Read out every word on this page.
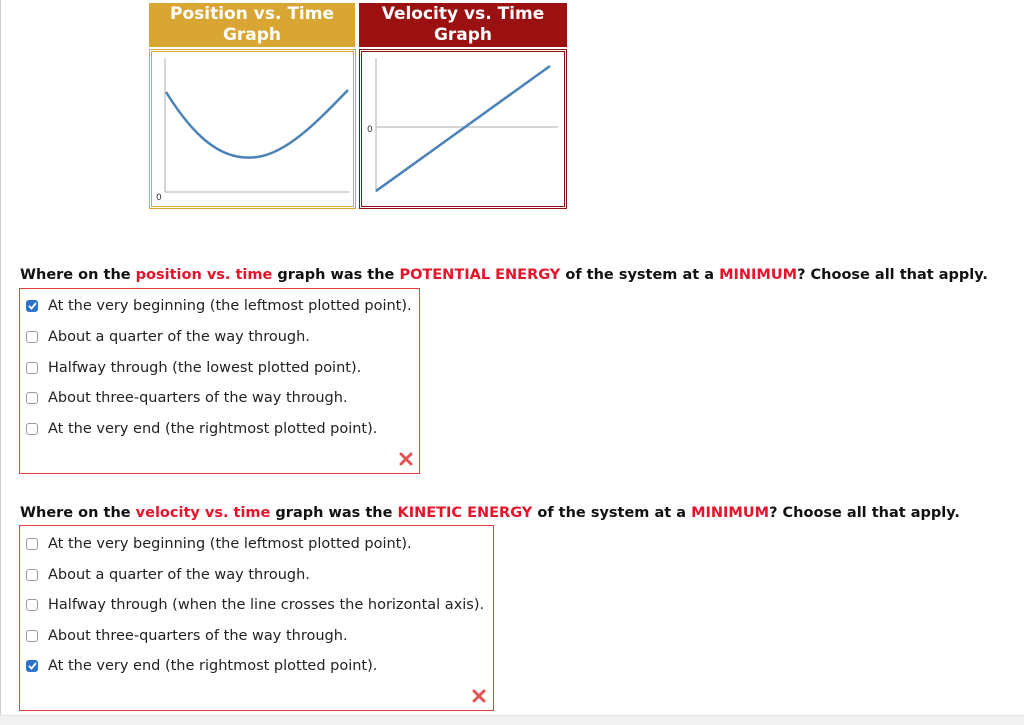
Position vs. Time
Graph
Velocity vs. Time
Graph
0
0
Where on the position vs. time graph was the POTENTIAL ENERGY of the system at a MINIMUM? Choose all that apply.
At the very beginning (the leftmost plotted point).
About a quarter of the way through.
Halfway through (the lowest plotted point).
About three-quarters of the way through.
At the very end (the rightmost plotted point).
Where on the velocity vs. time graph was the KINETIC ENERGY of the system at a MINIMUM? Choose all that apply.
At the very beginning (the leftmost plotted point).
About a quarter of the way through.
Halfway through (when the line crosses the horizontal axis).
About three-quarters of the way through.
At the very end (the rightmost plotted point).
